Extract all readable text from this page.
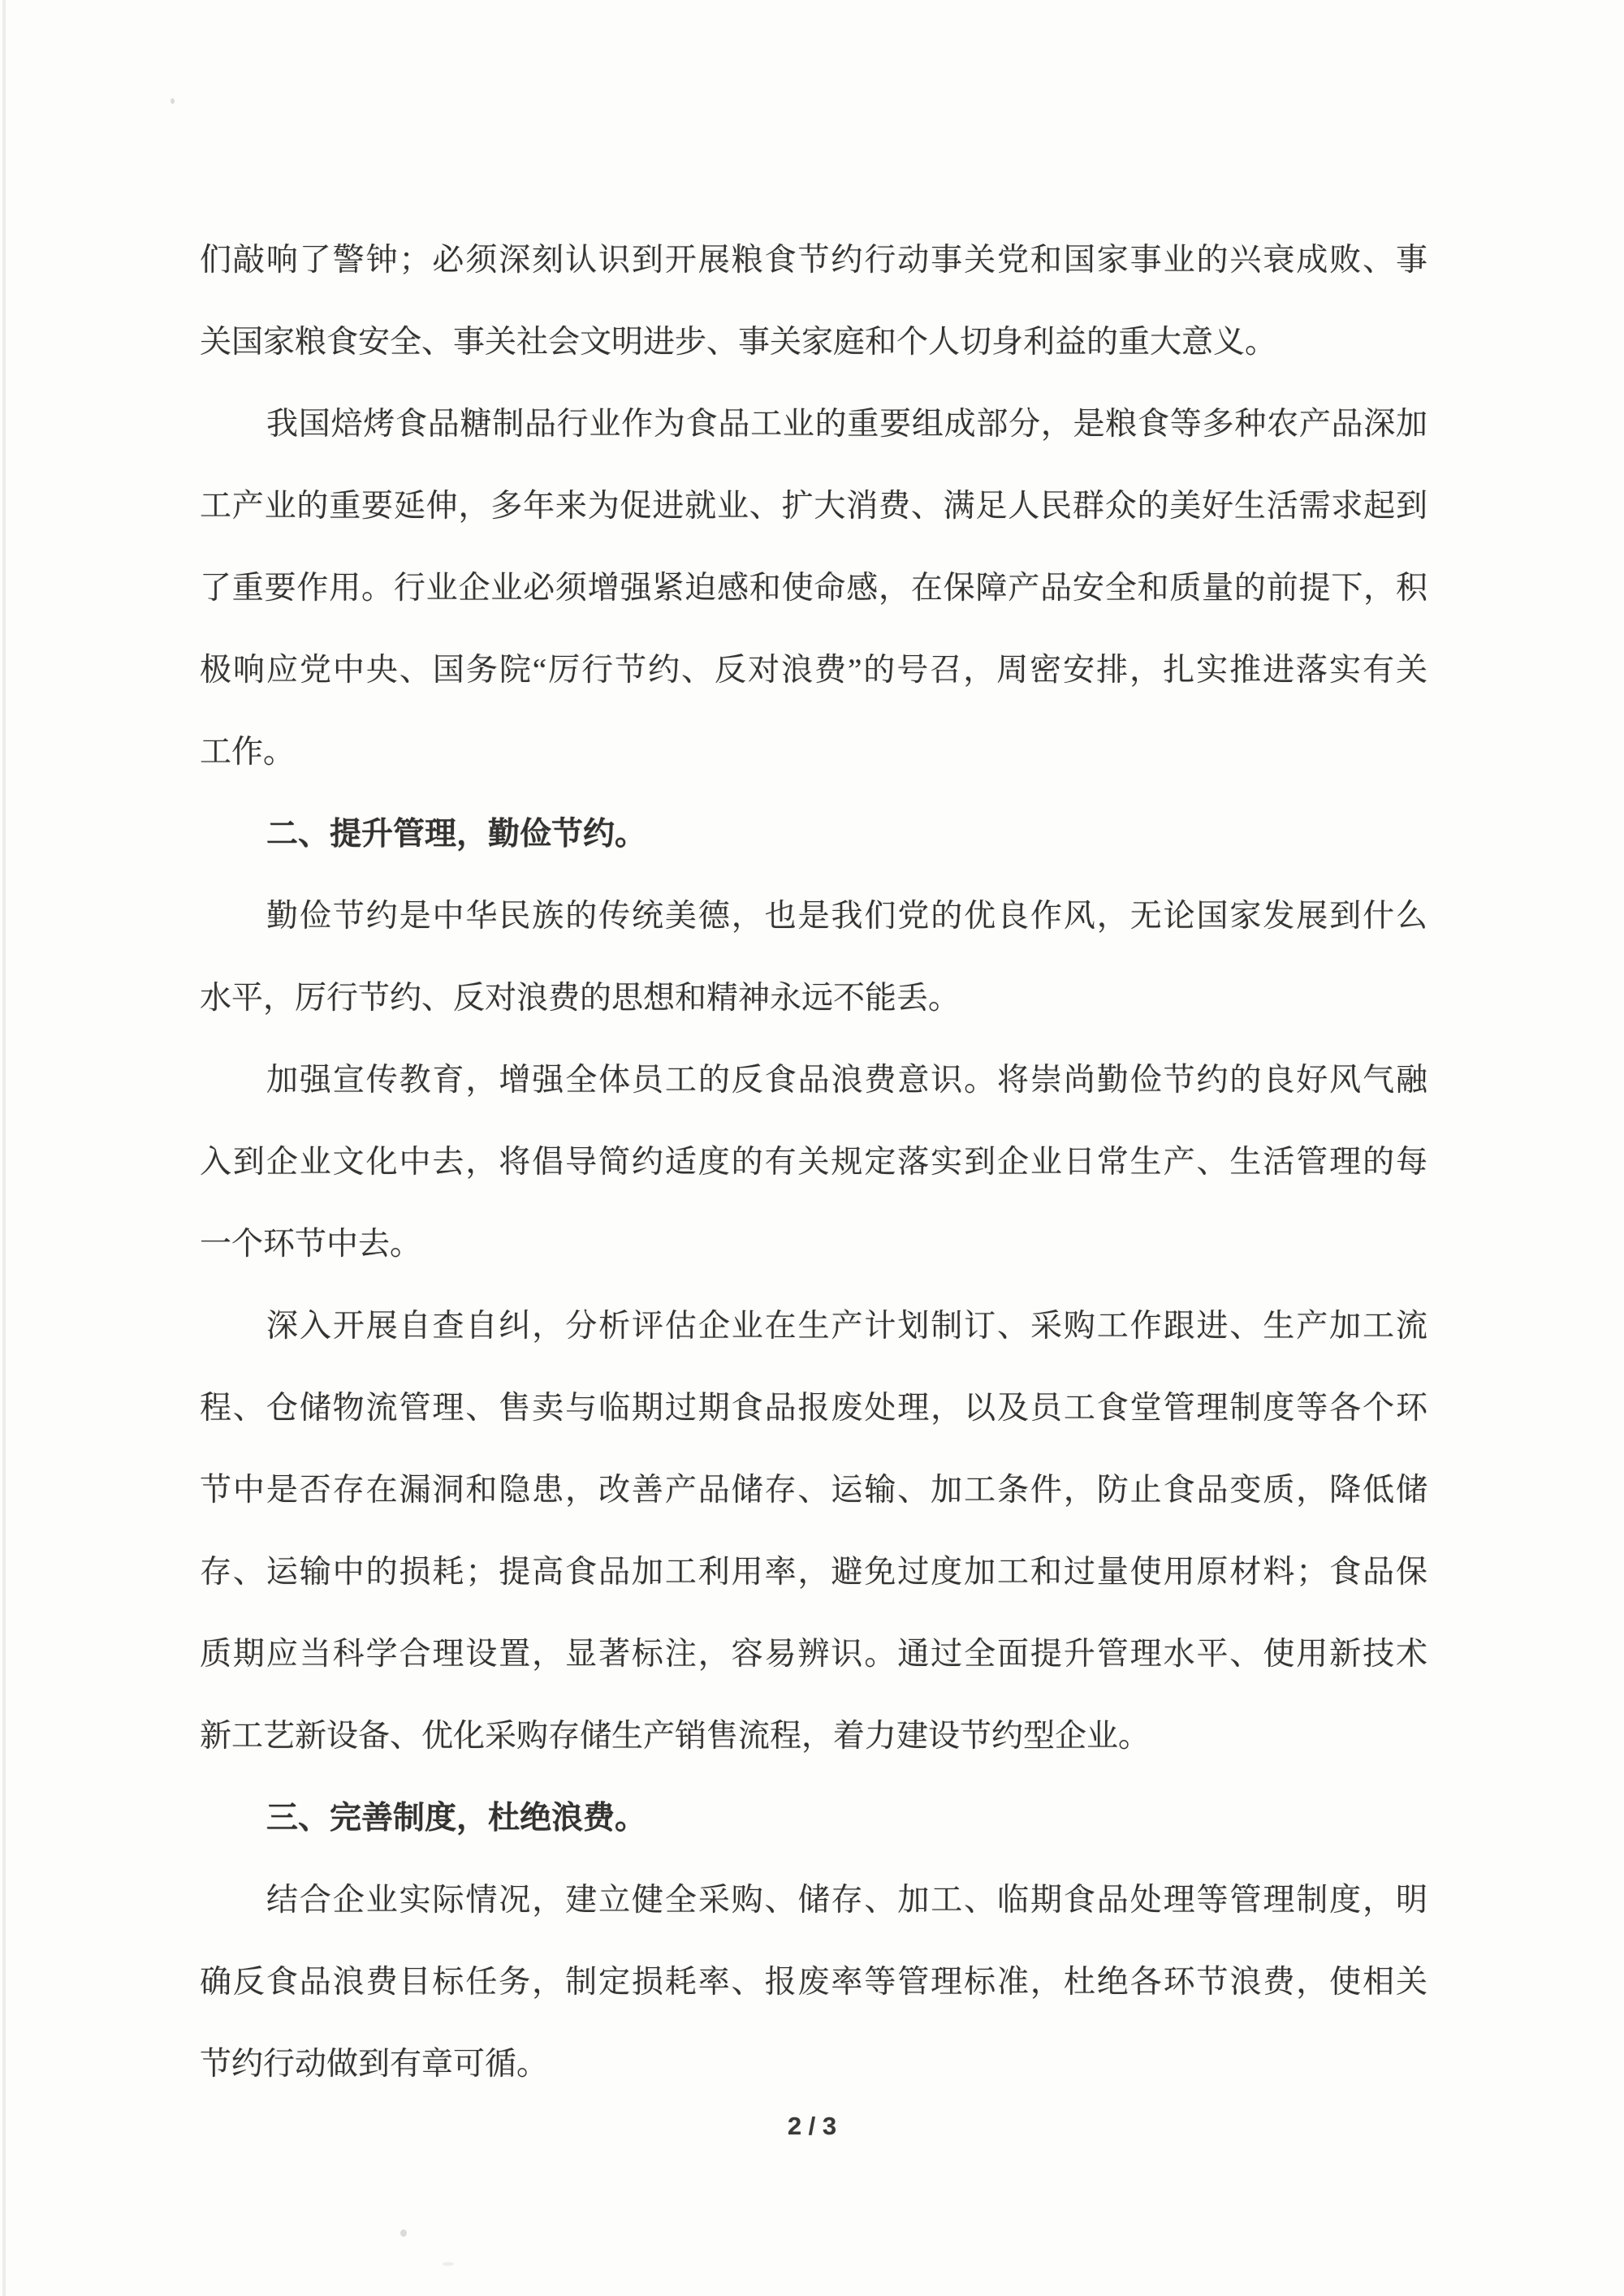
们敲响了警钟；必须深刻认识到开展粮食节约行动事关党和国家事业的兴衰成败、事
关国家粮食安全、事关社会文明进步、事关家庭和个人切身利益的重大意义。
我国焙烤食品糖制品行业作为食品工业的重要组成部分，是粮食等多种农产品深加
工产业的重要延伸，多年来为促进就业、扩大消费、满足人民群众的美好生活需求起到
了重要作用。行业企业必须增强紧迫感和使命感，在保障产品安全和质量的前提下，积
极响应党中央、国务院“厉行节约、反对浪费”的号召，周密安排，扎实推进落实有关
工作。
二、提升管理，勤俭节约。
勤俭节约是中华民族的传统美德，也是我们党的优良作风，无论国家发展到什么
水平，厉行节约、反对浪费的思想和精神永远不能丢。
加强宣传教育，增强全体员工的反食品浪费意识。将崇尚勤俭节约的良好风气融
入到企业文化中去，将倡导简约适度的有关规定落实到企业日常生产、生活管理的每
一个环节中去。
深入开展自查自纠，分析评估企业在生产计划制订、采购工作跟进、生产加工流
程、仓储物流管理、售卖与临期过期食品报废处理，以及员工食堂管理制度等各个环
节中是否存在漏洞和隐患，改善产品储存、运输、加工条件，防止食品变质，降低储
存、运输中的损耗；提高食品加工利用率，避免过度加工和过量使用原材料；食品保
质期应当科学合理设置，显著标注，容易辨识。通过全面提升管理水平、使用新技术
新工艺新设备、优化采购存储生产销售流程，着力建设节约型企业。
三、完善制度，杜绝浪费。
结合企业实际情况，建立健全采购、储存、加工、临期食品处理等管理制度，明
确反食品浪费目标任务，制定损耗率、报废率等管理标准，杜绝各环节浪费，使相关
节约行动做到有章可循。
2 / 3
